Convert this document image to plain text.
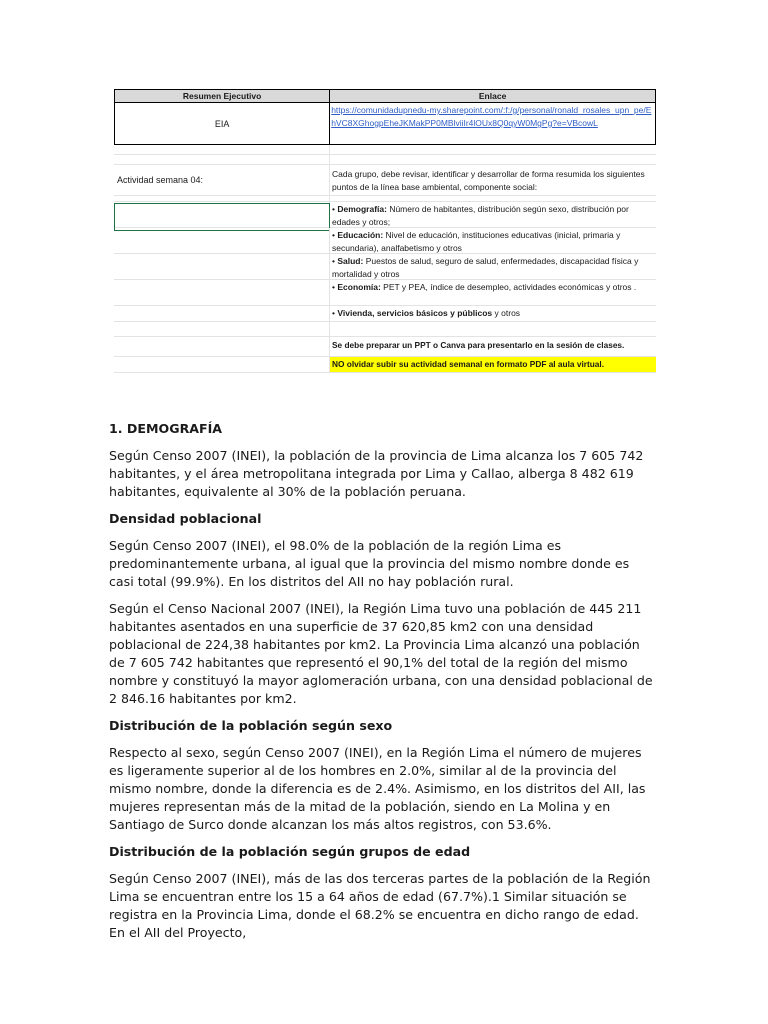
Resumen Ejecutivo	Enlace
EIA
https://comunidadupnedu-my.sharepoint.com/:f:/g/personal/ronald_rosales_upn_pe/EhVC8XGhogpEheJKMakPP0MBlviiIr4lOUx8Q0qyW0MgPg?e=VBcowL
Actividad semana 04:
Cada grupo, debe revisar, identificar y desarrollar de forma resumida los siguientes puntos de la línea base ambiental, componente social:
• Demografía: Número de habitantes, distribución según sexo, distribución por edades y otros;
• Educación: Nivel de educación, instituciones educativas (inicial, primaria y secundaria), analfabetismo y otros
• Salud: Puestos de salud, seguro de salud, enfermedades, discapacidad física y mortalidad y otros
• Economía: PET y PEA, índice de desempleo, actividades económicas y otros .
• Vivienda, servicios básicos y públicos y otros
Se debe preparar un PPT o Canva para presentarlo en la sesión de clases.
NO olvidar subir su actividad semanal en formato PDF al aula virtual.
1. DEMOGRAFÍA

Según Censo 2007 (INEI), la población de la provincia de Lima alcanza los 7 605 742 habitantes, y el área metropolitana integrada por Lima y Callao, alberga 8 482 619 habitantes, equivalente al 30% de la población peruana.

Densidad poblacional

Según Censo 2007 (INEI), el 98.0% de la población de la región Lima es predominantemente urbana, al igual que la provincia del mismo nombre donde es casi total (99.9%). En los distritos del AII no hay población rural.

Según el Censo Nacional 2007 (INEI), la Región Lima tuvo una población de 445 211 habitantes asentados en una superficie de 37 620,85 km2 con una densidad poblacional de 224,38 habitantes por km2. La Provincia Lima alcanzó una población de 7 605 742 habitantes que representó el 90,1% del total de la región del mismo nombre y constituyó la mayor aglomeración urbana, con una densidad poblacional de 2 846.16 habitantes por km2.

Distribución de la población según sexo

Respecto al sexo, según Censo 2007 (INEI), en la Región Lima el número de mujeres es ligeramente superior al de los hombres en 2.0%, similar al de la provincia del mismo nombre, donde la diferencia es de 2.4%. Asimismo, en los distritos del AII, las mujeres representan más de la mitad de la población, siendo en La Molina y en Santiago de Surco donde alcanzan los más altos registros, con 53.6%.

Distribución de la población según grupos de edad

Según Censo 2007 (INEI), más de las dos terceras partes de la población de la Región Lima se encuentran entre los 15 a 64 años de edad (67.7%).1 Similar situación se registra en la Provincia Lima, donde el 68.2% se encuentra en dicho rango de edad. En el AII del Proyecto,
